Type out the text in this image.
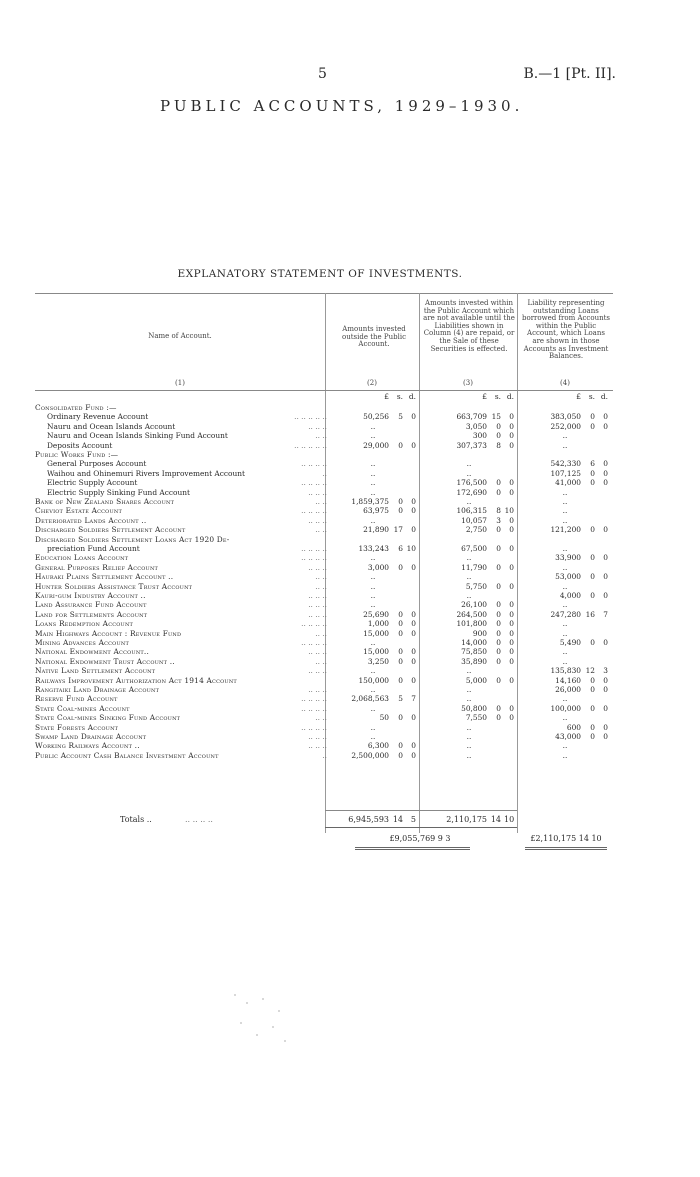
5	B.—1 [Pt. II].
PUBLIC ACCOUNTS, 1929–1930.
EXPLANATORY STATEMENT OF INVESTMENTS.
Name of Account.
Amounts invested outside the Public Account.
Amounts invested within the Public Account which are not available until the Liabilities shown in Column (4) are repaid, or the Sale of these Securities is effected.
Liability representing outstanding Loans borrowed from Accounts within the Public Account, which Loans are shown in those Accounts as Investment Balances.
(1)	(2)	(3)	(4)
£	s. d.	£	s. d.	£	s. d.
Consolidated Fund :—
Ordinary Revenue Account	.. .. .. .. ..	50,256	5	0	663,709 15	0	383,050	0	0
Nauru and Ocean Islands Account	.. .. ..	..	3,050	0	0	252,000	0	0
Nauru and Ocean Islands Sinking Fund Account	.. ..	..	300	0	0	..
Deposits Account	.. .. .. .. ..	29,000	0	0	307,373	8	0	..
Public Works Fund :—
General Purposes Account	.. .. .. ..	..	..	542,330	6	0
Waihou and Ohinemuri Rivers Improvement Account	..	..	..	107,125	0	0
Electric Supply Account	.. .. .. ..	..	176,500	0	0	41,000	0	0
Electric Supply Sinking Fund Account	.. .. ..	..	172,690	0	0	..
Bank of New Zealand Shares Account	.. ..	1,859,375	0	0	..	..
Cheviot Estate Account	.. .. .. ..	63,975	0	0	106,315	8 10	..
Deteriorated Lands Account ..	.. .. ..	..	10,057	3	0	..
Discharged Soldiers Settlement Account	.. ..	21,890 17	0	2,750	0	0	121,200	0	0
Discharged Soldiers Settlement Loans Act 1920 De-
preciation Fund Account	.. .. .. ..	133,243	6 10	67,500	0	0	..
Education Loans Account	.. .. .. ..	..	..	33,900	0	0
General Purposes Relief Account	.. .. ..	3,000	0	0	11,790	0	0	..
Hauraki Plains Settlement Account ..	.. ..	..	..	53,000	0	0
Hunter Soldiers Assistance Trust Account	.. ..	..	5,750	0	0	..
Kauri-gum Industry Account ..	.. .. ..	..	..	4,000	0	0
Land Assurance Fund Account	.. .. ..	..	26,100	0	0	..
Land for Settlements Account	.. .. ..	25,690	0	0	264,500	0	0	247,280 16	7
Loans Redemption Account	.. .. .. ..	1,000	0	0	101,800	0	0	..
Main Highways Account : Revenue Fund	.. ..	15,000	0	0	900	0	0	..
Mining Advances Account	.. .. .. ..	..	14,000	0	0	5,490	0	0
National Endowment Account..	.. .. ..	15,000	0	0	75,850	0	0	..
National Endowment Trust Account ..	.. ..	3,250	0	0	35,890	0	0	..
Native Land Settlement Account	.. .. ..	..	..	135,830 12	3
Railways Improvement Authorization Act 1914 Account	150,000	0	0	5,000	0	0	14,160	0	0
Rangitaiki Land Drainage Account	.. .. ..	..	..	26,000	0	0
Reserve Fund Account	.. .. .. ..	2,068,563	5	7	..	..
State Coal-mines Account	.. .. .. ..	..	50,800	0	0	100,000	0	0
State Coal-mines Sinking Fund Account	.. ..	50	0	0	7,550	0	0	..
State Forests Account	.. .. .. ..	..	..	600	0	0
Swamp Land Drainage Account	.. .. ..	..	..	43,000	0	0
Working Railways Account ..	.. .. ..	6,300	0	0	..	..
Public Account Cash Balance Investment Account	..	2,500,000	0	0	..	..
Totals ..	.. .. .. ..	6,945,593 14 5	2,110,175 14 10
£9,055,769 9 3	£2,110,175 14 10
